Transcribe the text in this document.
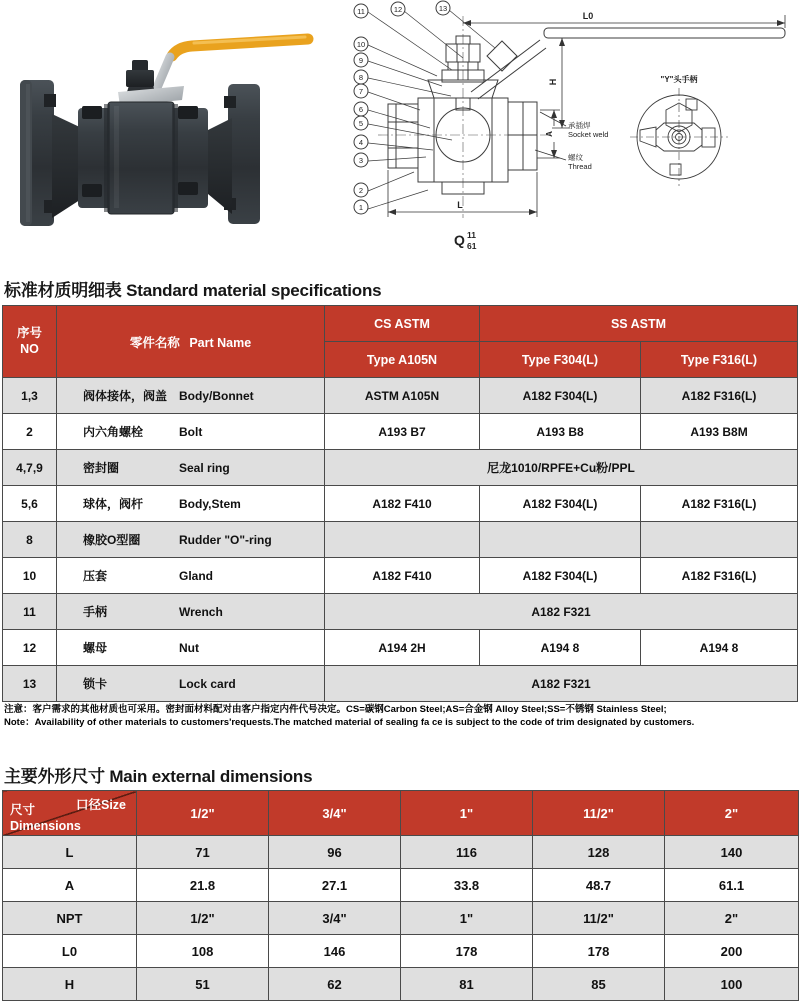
1
2
3
4
5
6
7
8
9
10
11	12	13
L0
H
A
L
承插焊
Socket weld
螺纹
Thread
"Y"头手柄
Q 11 61
标准材质明细表 Standard material specifications
序号
NO	零件名称 Part Name	CS ASTM	SS ASTM	
		Type A105N	Type F304(L)	Type F316(L)
1,3	阀体接体，阀盖 Body/Bonnet	ASTM A105N	A182 F304(L)	A182 F316(L)
2	内六角螺栓 Bolt	A193 B7	A193 B8	A193 B8M
4,7,9	密封圈 Seal ring	尼龙1010/RPFE+Cu粉/PPL		
5,6	球体，阀杆 Body,Stem	A182 F410	A182 F304(L)	A182 F316(L)
8	橡胶O型圈 Rudder "O"-ring			
10	压套 Gland	A182 F410	A182 F304(L)	A182 F316(L)
11	手柄 Wrench	A182 F321		
12	螺母 Nut	A194 2H	A194 8	A194 8
13	锁卡 Lock card	A182 F321		
注意：客户需求的其他材质也可采用。密封面材料配对由客户指定内件代号决定。CS=碳钢Carbon Steel;AS=合金钢 Alloy Steel;SS=不锈钢 Stainless Steel;
Note：Availability of other materials to customers'requests.The matched material of sealing fa ce is subject to the code of trim designated by customers.
主要外形尺寸 Main external dimensions
口径Size
尺寸
Dimensions	1/2"	3/4"	1"	11/2"	2"
L	71	96	116	128	140
A	21.8	27.1	33.8	48.7	61.1
NPT	1/2"	3/4"	1"	11/2"	2"
L0	108	146	178	178	200
H	51	62	81	85	100
